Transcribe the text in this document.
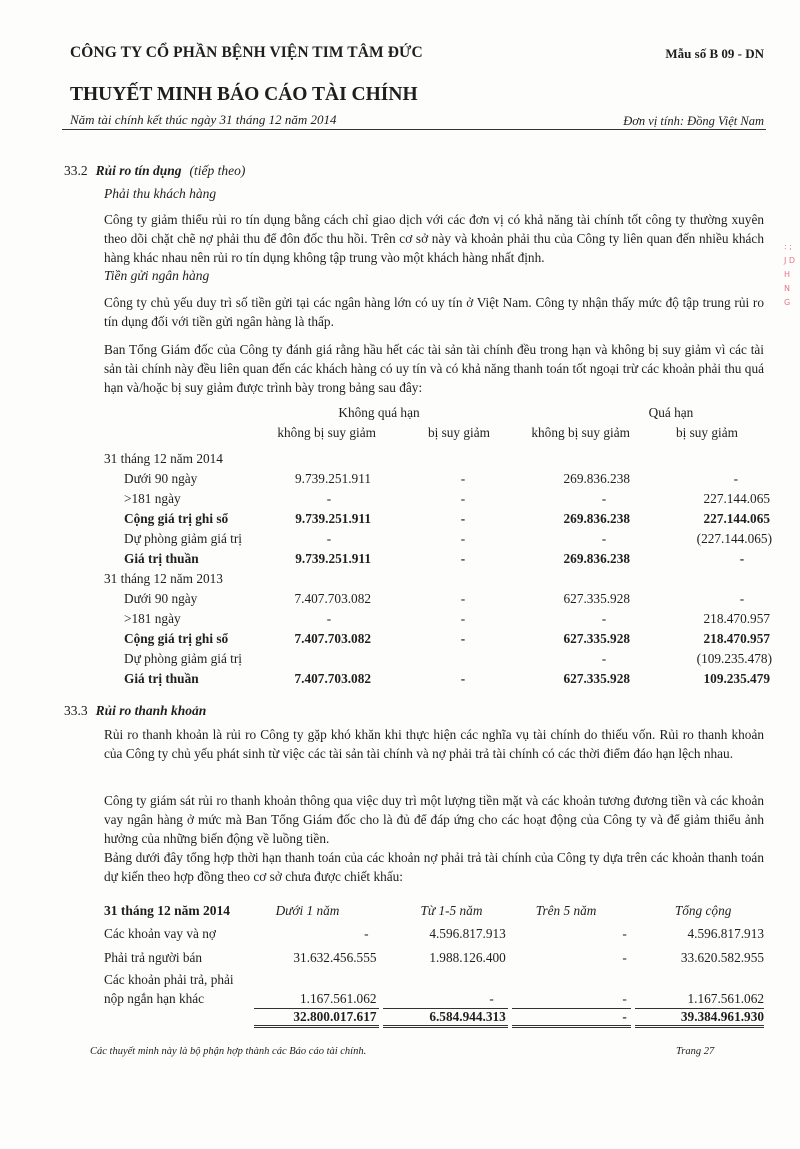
CÔNG TY CỔ PHẦN BỆNH VIỆN TIM TÂM ĐỨC	Mẫu số B 09 - DN
THUYẾT MINH BÁO CÁO TÀI CHÍNH
Năm tài chính kết thúc ngày 31 tháng 12 năm 2014	Đơn vị tính: Đồng Việt Nam
: ; J D H N G
33.2 Rủi ro tín dụng (tiếp theo)
Phải thu khách hàng
Công ty giảm thiểu rủi ro tín dụng bằng cách chỉ giao dịch với các đơn vị có khả năng tài chính tốt công ty thường xuyên theo dõi chặt chẽ nợ phải thu để đôn đốc thu hồi. Trên cơ sở này và khoản phải thu của Công ty liên quan đến nhiều khách hàng khác nhau nên rủi ro tín dụng không tập trung vào một khách hàng nhất định.
Tiền gửi ngân hàng
Công ty chủ yếu duy trì số tiền gửi tại các ngân hàng lớn có uy tín ở Việt Nam. Công ty nhận thấy mức độ tập trung rủi ro tín dụng đối với tiền gửi ngân hàng là thấp.
Ban Tổng Giám đốc của Công ty đánh giá rằng hầu hết các tài sản tài chính đều trong hạn và không bị suy giảm vì các tài sản tài chính này đều liên quan đến các khách hàng có uy tín và có khả năng thanh toán tốt ngoại trừ các khoản phải thu quá hạn và/hoặc bị suy giảm được trình bày trong bảng sau đây:
	Không quá hạn		Quá hạn	
	không bị suy giảm	bị suy giảm	không bị suy giảm	bị suy giảm

31 tháng 12 năm 2014				
Dưới 90 ngày	9.739.251.911	-	269.836.238	-
>181 ngày	-	-	-	227.144.065
Cộng giá trị ghi sổ	9.739.251.911	-	269.836.238	227.144.065
Dự phòng giảm giá trị	-	-	-	(227.144.065)
Giá trị thuần	9.739.251.911	-	269.836.238	-
31 tháng 12 năm 2013				
Dưới 90 ngày	7.407.703.082	-	627.335.928	-
>181 ngày	-	-	-	218.470.957
Cộng giá trị ghi sổ	7.407.703.082	-	627.335.928	218.470.957
Dự phòng giảm giá trị			-	(109.235.478)
Giá trị thuần	7.407.703.082	-	627.335.928	109.235.479
33.3 Rủi ro thanh khoản
Rủi ro thanh khoản là rủi ro Công ty gặp khó khăn khi thực hiện các nghĩa vụ tài chính do thiếu vốn. Rủi ro thanh khoản của Công ty chủ yếu phát sinh từ việc các tài sản tài chính và nợ phải trả tài chính có các thời điểm đáo hạn lệch nhau.
Công ty giám sát rủi ro thanh khoản thông qua việc duy trì một lượng tiền mặt và các khoản tương đương tiền và các khoản vay ngân hàng ở mức mà Ban Tổng Giám đốc cho là đủ để đáp ứng cho các hoạt động của Công ty và để giảm thiểu ảnh hưởng của những biến động về luồng tiền.
Bảng dưới đây tổng hợp thời hạn thanh toán của các khoản nợ phải trả tài chính của Công ty dựa trên các khoản thanh toán dự kiến theo hợp đồng theo cơ sở chưa được chiết khấu:
31 tháng 12 năm 2014	Dưới 1 năm	Từ 1-5 năm	Trên 5 năm	Tổng cộng
Các khoản vay và nợ	-	4.596.817.913	-	4.596.817.913
Phải trả người bán	31.632.456.555	1.988.126.400	-	33.620.582.955
Các khoản phải trả, phải				
nộp ngắn hạn khác	1.167.561.062	-	-	1.167.561.062
	32.800.017.617	6.584.944.313	-	39.384.961.930
Các thuyết minh này là bộ phận hợp thành các Báo cáo tài chính.	Trang 27
